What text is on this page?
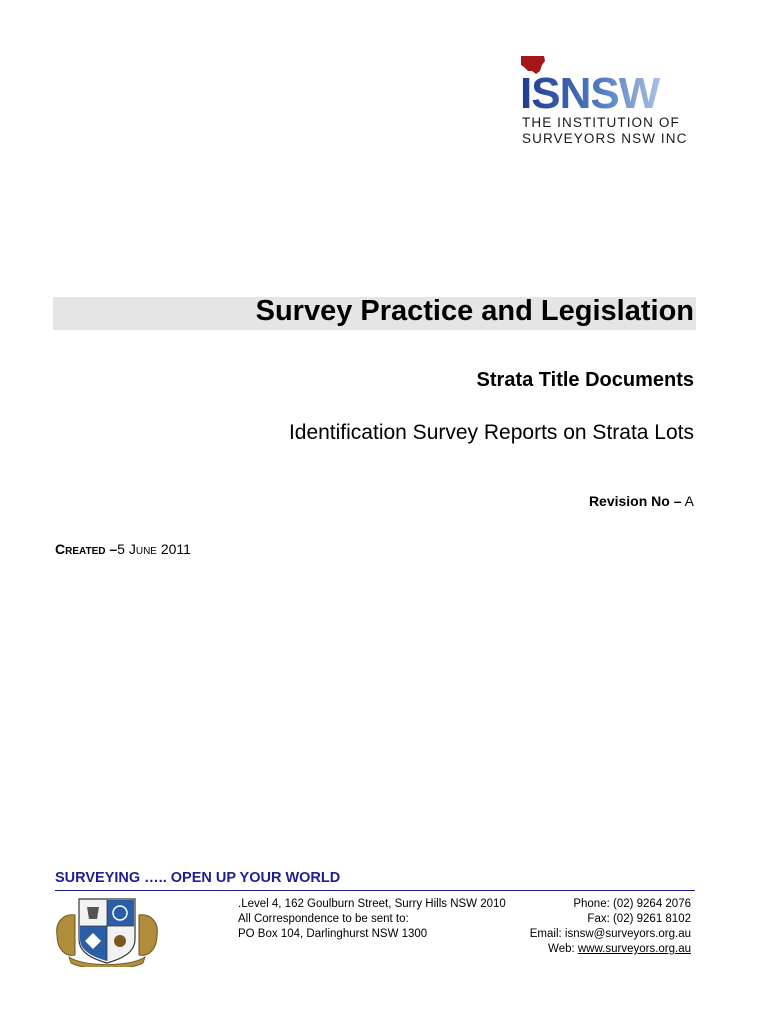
ISNSW
THE INSTITUTION OF
SURVEYORS NSW INC
Survey Practice and Legislation
Strata Title Documents
Identification Survey Reports on Strata Lots
Revision No – A
Created –5 June 2011
SURVEYING ….. OPEN UP YOUR WORLD
.Level 4, 162 Goulburn Street, Surry Hills NSW 2010
All Correspondence to be sent to:
PO Box 104, Darlinghurst NSW 1300
Phone: (02) 9264 2076
Fax: (02) 9261 8102
Email: isnsw@surveyors.org.au
Web: www.surveyors.org.au
